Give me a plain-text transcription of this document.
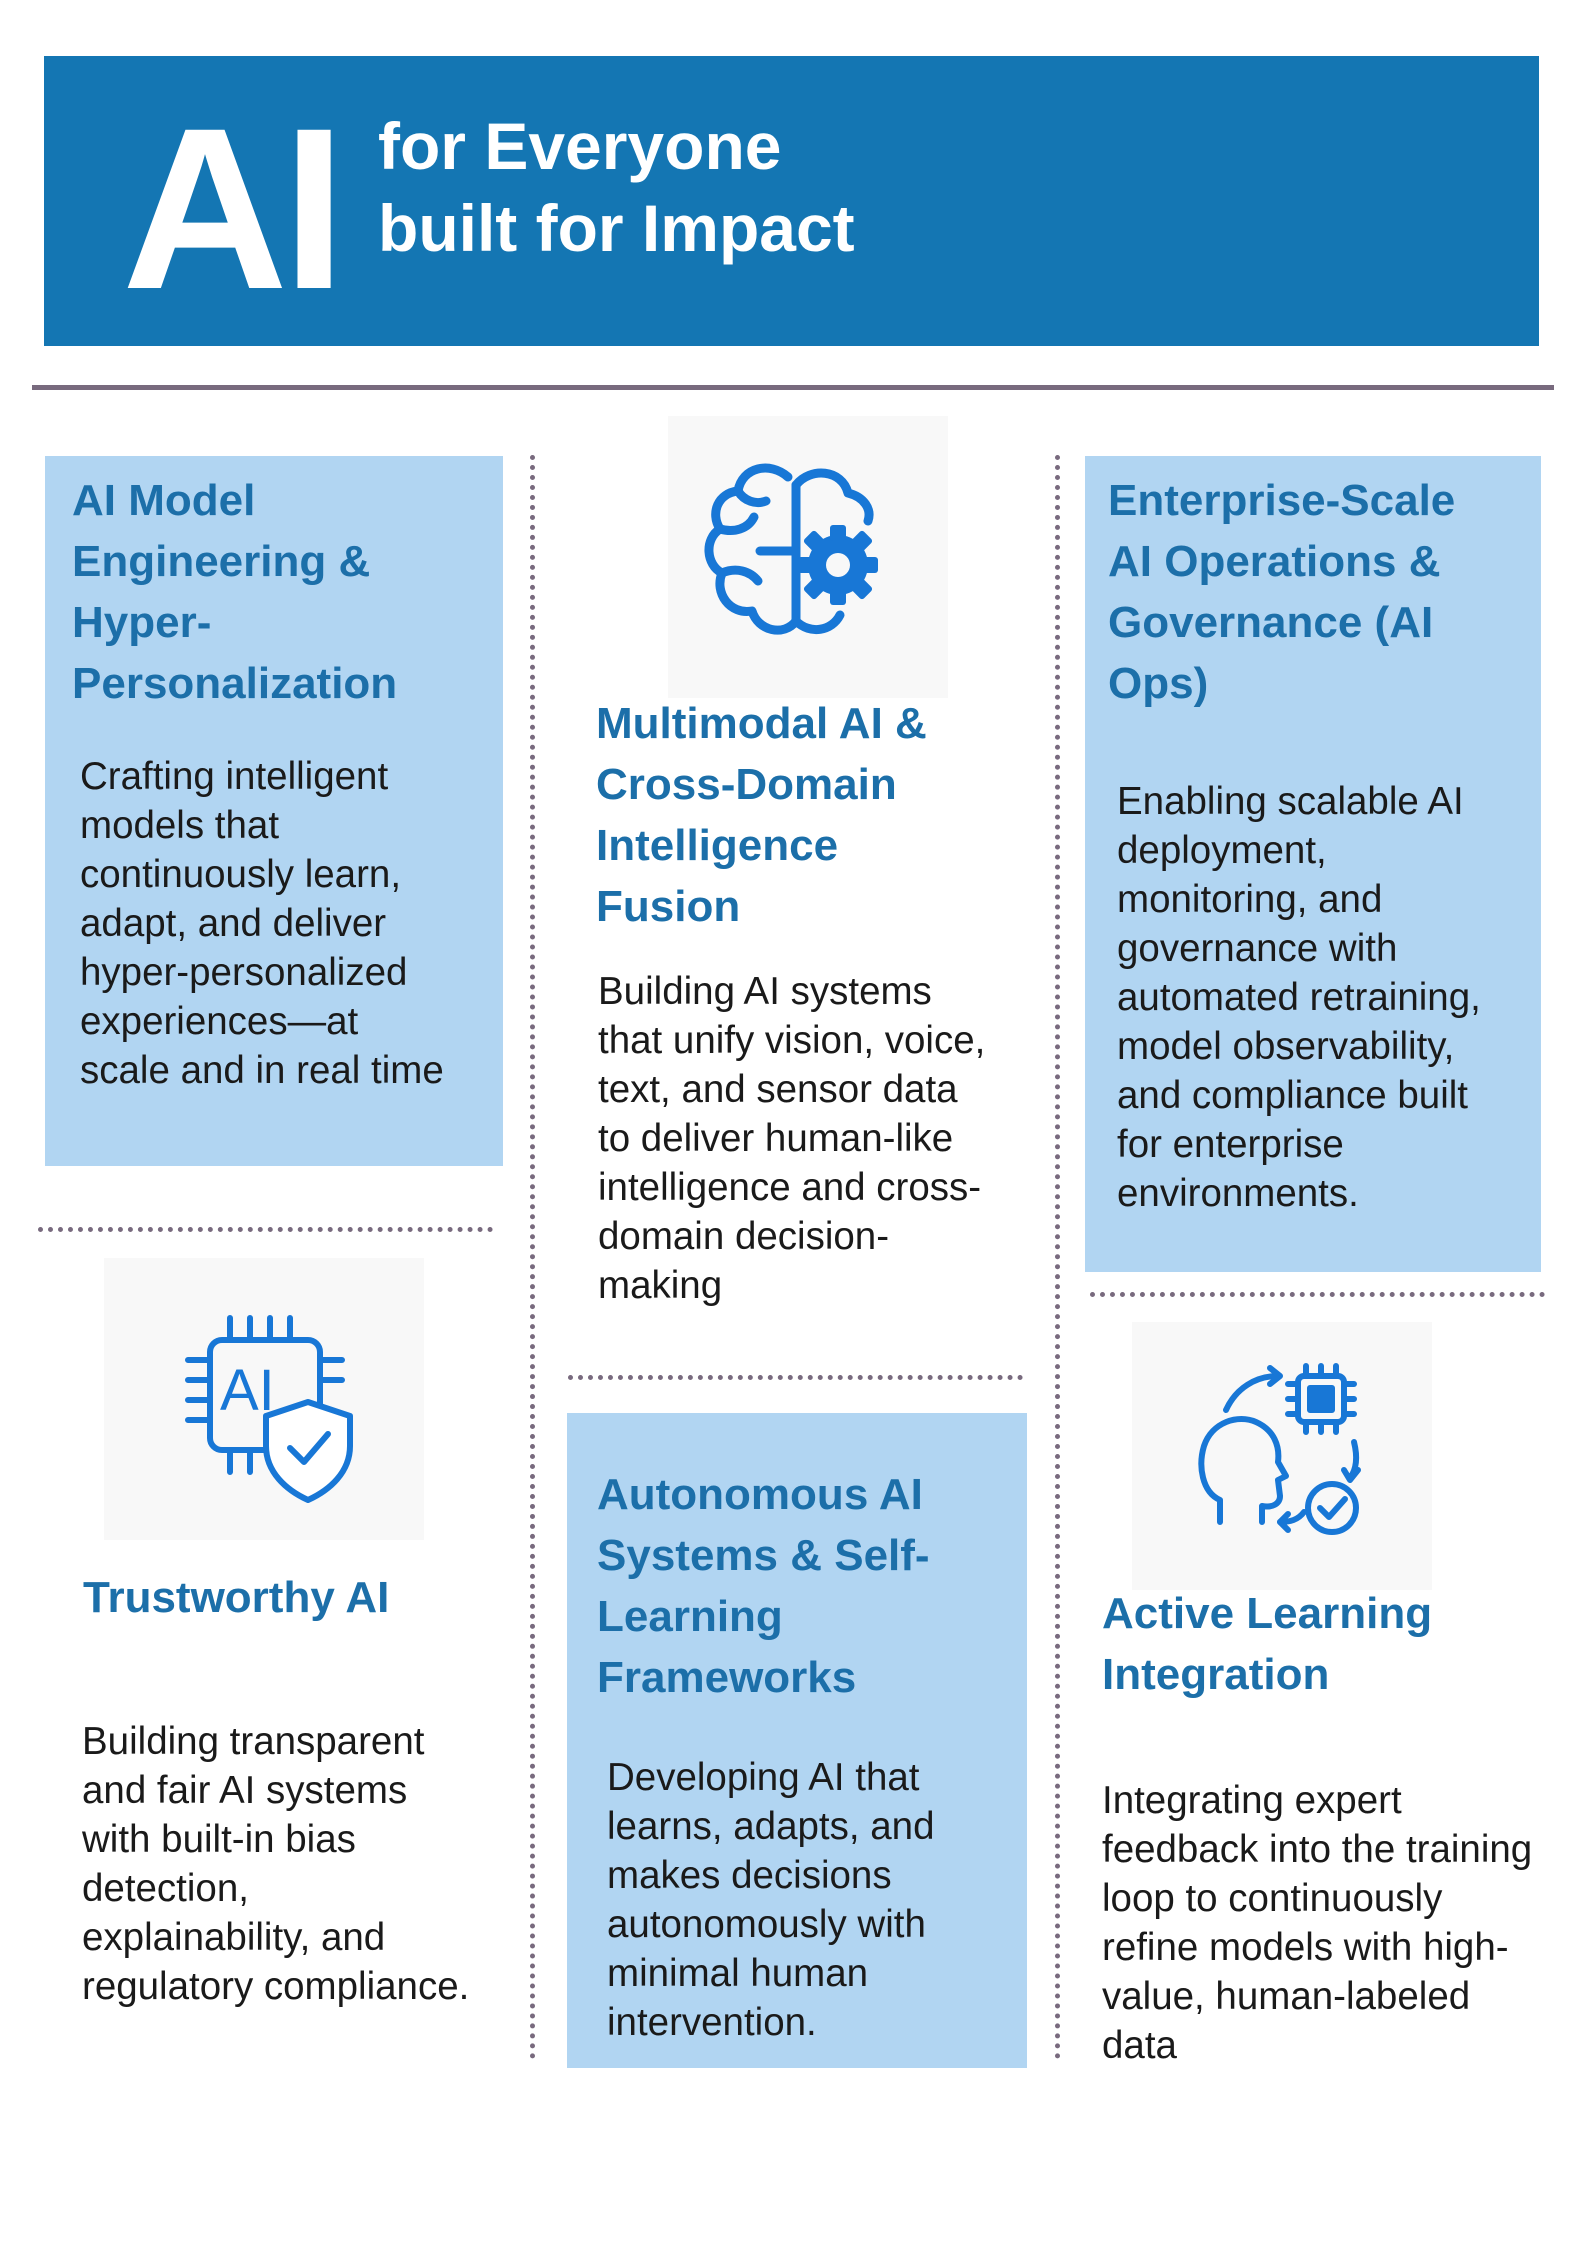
AI for Everyone
built for Impact
AI Model
Engineering &
Hyper-
Personalization
Crafting intelligent
models that
continuously learn,
adapt, and deliver
hyper-personalized
experiences—at
scale and in real time
Multimodal AI &
Cross-Domain
Intelligence
Fusion
Building AI systems
that unify vision, voice,
text, and sensor data
to deliver human-like
intelligence and cross-
domain decision-
making
Enterprise-Scale
AI Operations &
Governance (AI
Ops)
Enabling scalable AI
deployment,
monitoring, and
governance with
automated retraining,
model observability,
and compliance built
for enterprise
environments.
AI
Trustworthy AI
Building transparent
and fair AI systems
with built-in bias
detection,
explainability, and
regulatory compliance.
Autonomous AI
Systems & Self-
Learning
Frameworks
Developing AI that
learns, adapts, and
makes decisions
autonomously with
minimal human
intervention.
Active Learning
Integration
Integrating expert
feedback into the training
loop to continuously
refine models with high-
value, human-labeled
data
